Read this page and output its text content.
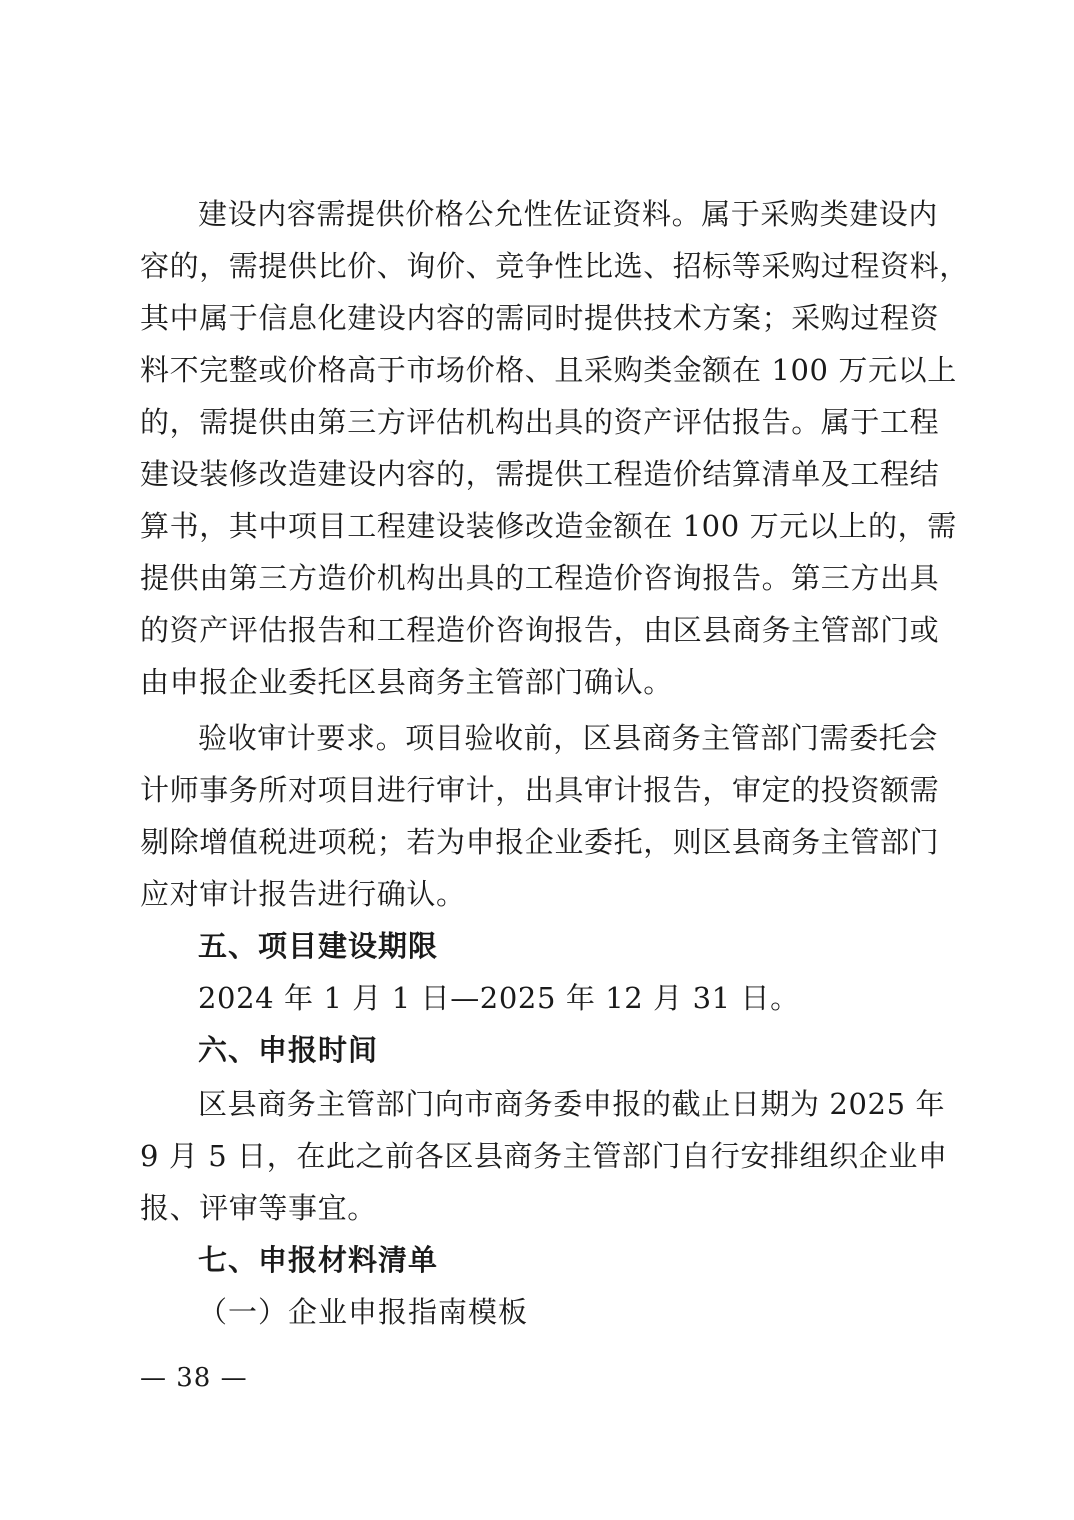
建设内容需提供价格公允性佐证资料。属于采购类建设内
容的，需提供比价、询价、竞争性比选、招标等采购过程资料，
其中属于信息化建设内容的需同时提供技术方案；采购过程资
料不完整或价格高于市场价格、且采购类金额在 100 万元以上
的，需提供由第三方评估机构出具的资产评估报告。属于工程
建设装修改造建设内容的，需提供工程造价结算清单及工程结
算书，其中项目工程建设装修改造金额在 100 万元以上的，需
提供由第三方造价机构出具的工程造价咨询报告。第三方出具
的资产评估报告和工程造价咨询报告，由区县商务主管部门或
由申报企业委托区县商务主管部门确认。
验收审计要求。项目验收前，区县商务主管部门需委托会
计师事务所对项目进行审计，出具审计报告，审定的投资额需
剔除增值税进项税；若为申报企业委托，则区县商务主管部门
应对审计报告进行确认。
五、项目建设期限
2024 年 1 月 1 日—2025 年 12 月 31 日。
六、申报时间
区县商务主管部门向市商务委申报的截止日期为 2025 年
9 月 5 日，在此之前各区县商务主管部门自行安排组织企业申
报、评审等事宜。
七、申报材料清单
（一）企业申报指南模板
— 38 —
